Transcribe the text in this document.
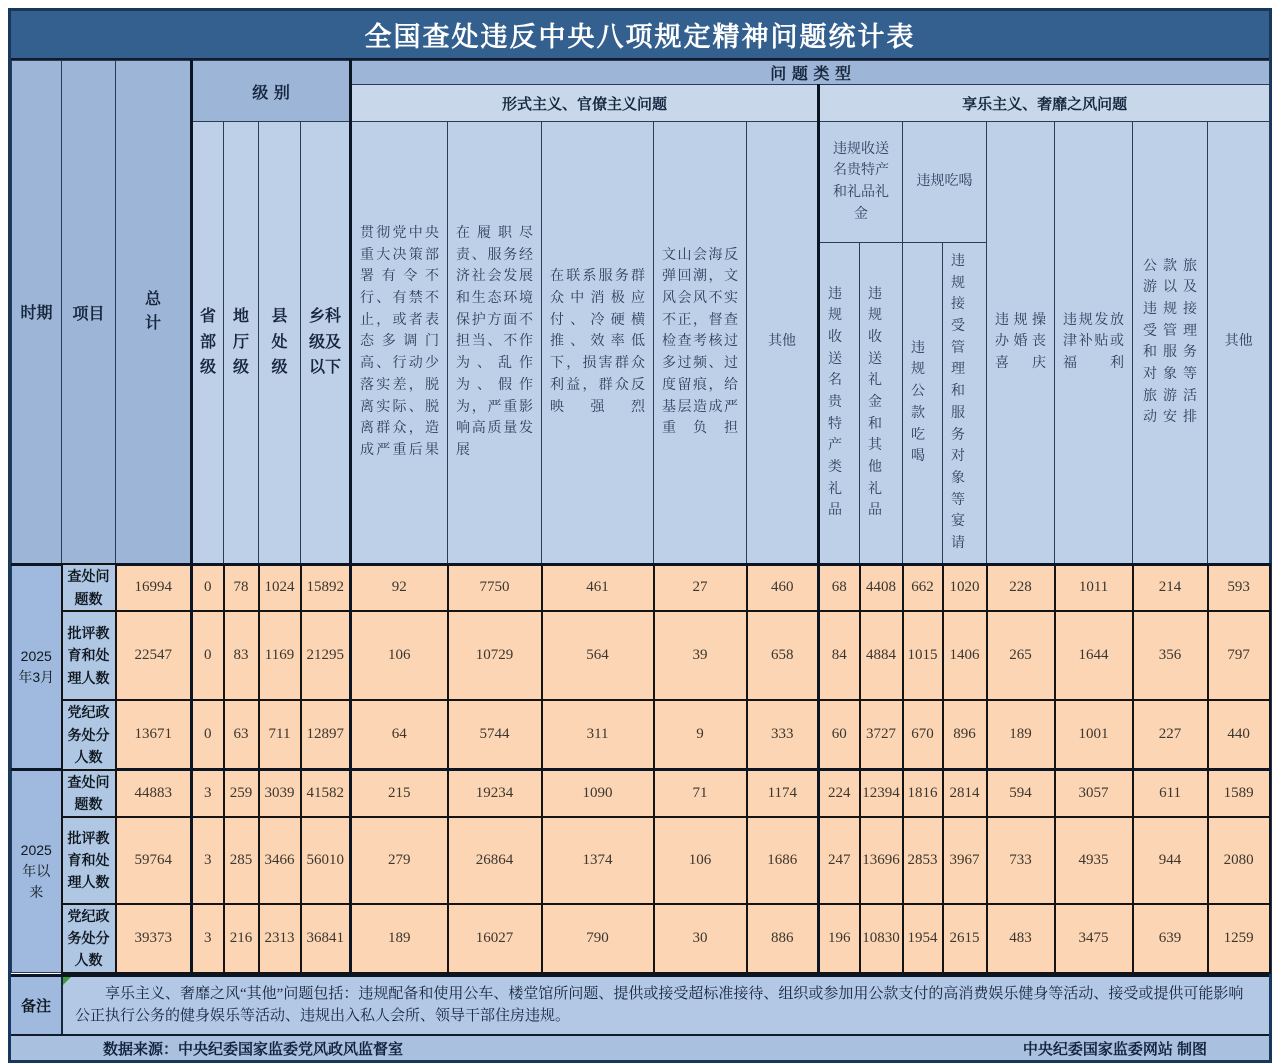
全国查处违反中央八项规定精神问题统计表
时期	项目	总计	级别				问题类型												
							形式主义、官僚主义问题					享乐主义、奢靡之风问题							
			省部级	地厅级	县处级	乡科级及以下	贯彻党中央重大决策部署有令不行、有禁不止，或者表态多调门高、行动少落实差，脱离实际、脱离群众，造成严重后果	在履职尽责、服务经济社会发展和生态环境保护方面不担当、不作为、乱作为、假作为，严重影响高质量发展	在联系服务群众中消极应付、冷硬横推、效率低下，损害群众利益，群众反映强烈	文山会海反弹回潮，文风会风不实不正，督查检查考核过多过频、过度留痕，给基层造成严重负担	其他	违规收送名贵特产和礼品礼金		违规吃喝		违规操办婚丧喜庆	违规发放津补贴或福利	公款旅游以及违规接受管理和服务对象等旅游活动安排	其他
												违规收送名贵特产类礼品	违规收送礼金和其他礼品	违规公款吃喝	违规接受管理和服务对象等宴请				
2025年3月	查处问题数	16994	0	78	1024	15892	92	7750	461	27	460	68	4408	662	1020	228	1011	214	593
	批评教育和处理人数	22547	0	83	1169	21295	106	10729	564	39	658	84	4884	1015	1406	265	1644	356	797
	党纪政务处分人数	13671	0	63	711	12897	64	5744	311	9	333	60	3727	670	896	189	1001	227	440
2025年以来	查处问题数	44883	3	259	3039	41582	215	19234	1090	71	1174	224	12394	1816	2814	594	3057	611	1589
	批评教育和处理人数	59764	3	285	3466	56010	279	26864	1374	106	1686	247	13696	2853	3967	733	4935	944	2080
	党纪政务处分人数	39373	3	216	2313	36841	189	16027	790	30	886	196	10830	1954	2615	483	3475	639	1259
备注
享乐主义、奢靡之风“其他”问题包括：违规配备和使用公车、楼堂馆所问题、提供或接受超标准接待、组织或参加用公款支付的高消费娱乐健身等活动、接受或提供可能影响公正执行公务的健身娱乐等活动、违规出入私人会所、领导干部住房违规。
数据来源：中央纪委国家监委党风政风监督室	中央纪委国家监委网站 制图
